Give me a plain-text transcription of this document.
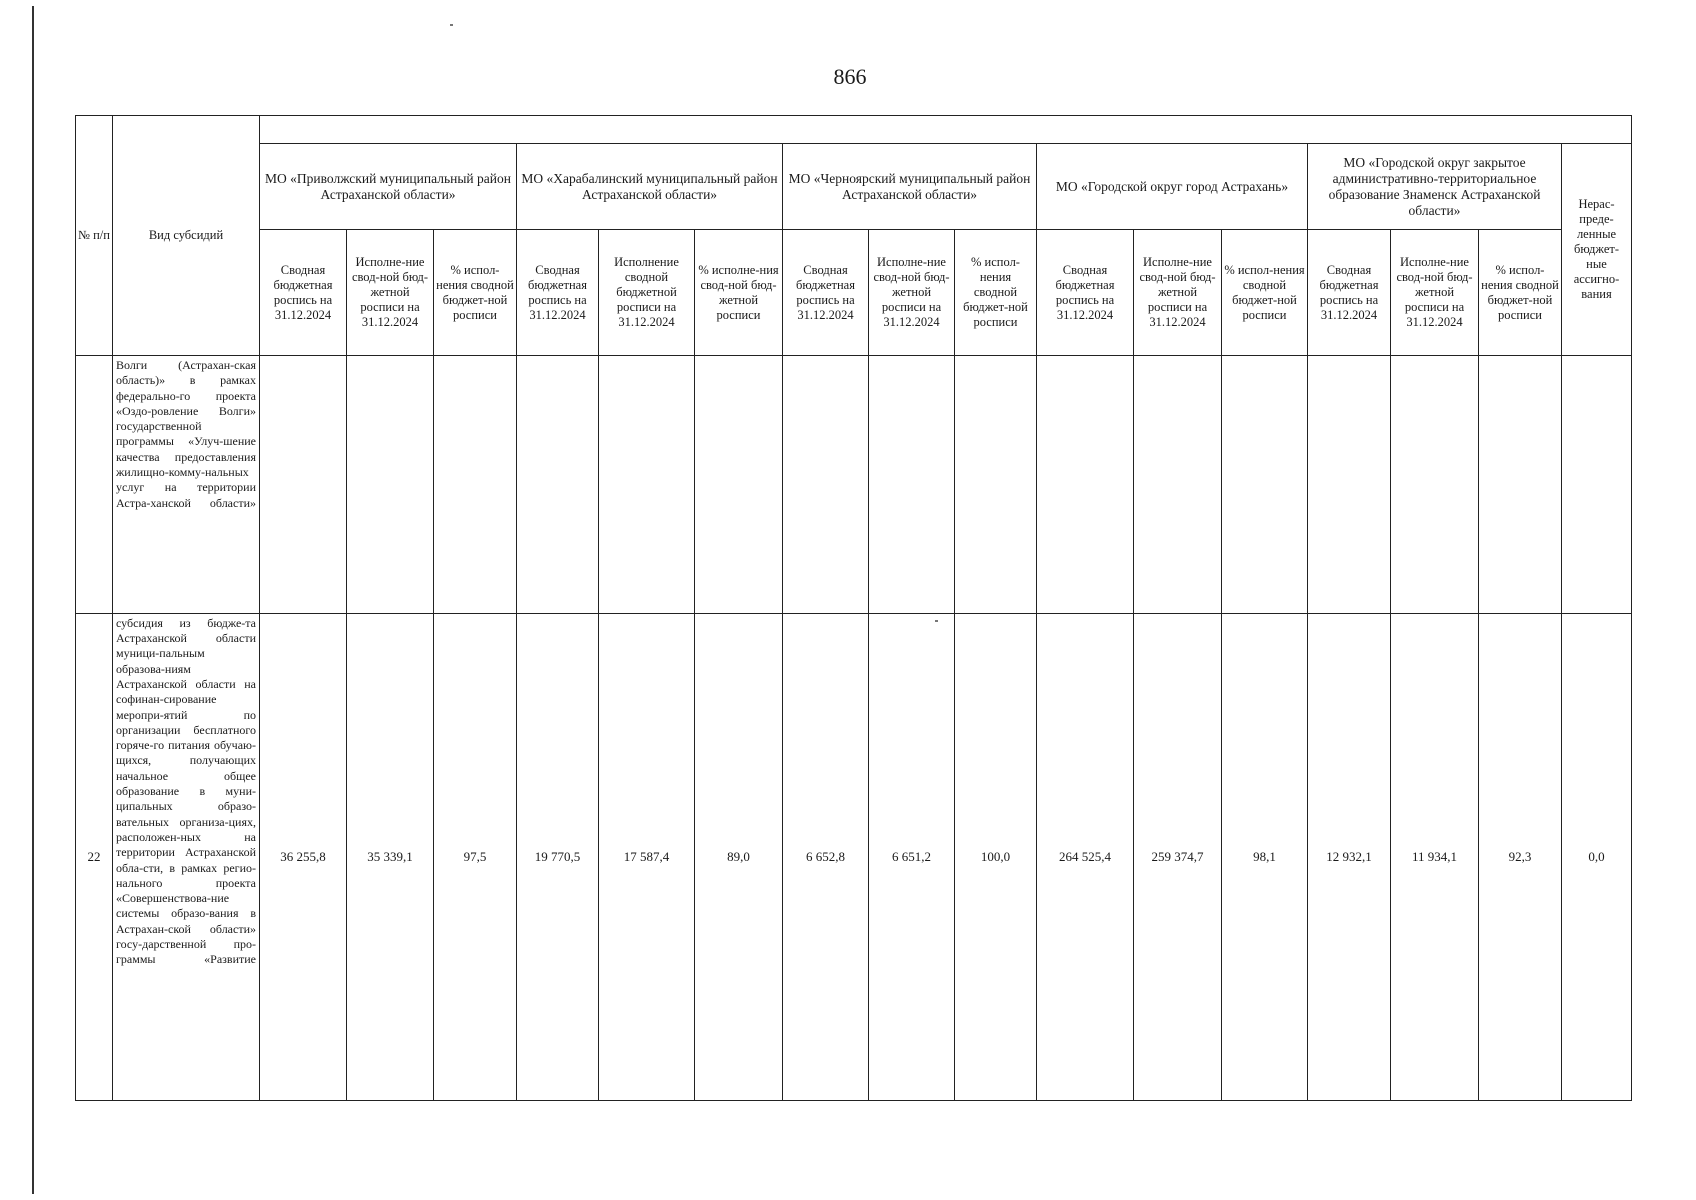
866
№ п/п	Вид субсидий																
		МО «Приволжский муниципальный район Астраханской области»			МО «Харабалинский муниципальный район Астраханской области»			МО «Черноярский муниципальный район Астраханской области»			МО «Городской округ город Астрахань»			МО «Городской округ закрытое административно-территориальное образование Знаменск Астраханской области»			Нерас-преде-ленные бюджет-ные ассигно-вания
		Сводная бюджетная роспись на 31.12.2024	Исполне-ние свод-ной бюд-жетной росписи на 31.12.2024	% испол-нения сводной бюджет-ной росписи	Сводная бюджетная роспись на 31.12.2024	Исполнение сводной бюджетной росписи на 31.12.2024	% исполне-ния свод-ной бюд-жетной росписи	Сводная бюджетная роспись на 31.12.2024	Исполне-ние свод-ной бюд-жетной росписи на 31.12.2024	% испол-нения сводной бюджет-ной росписи	Сводная бюджетная роспись на 31.12.2024	Исполне-ние свод-ной бюд-жетной росписи на 31.12.2024	% испол-нения сводной бюджет-ной росписи	Сводная бюджетная роспись на 31.12.2024	Исполне-ние свод-ной бюд-жетной росписи на 31.12.2024	% испол-нения сводной бюджет-ной росписи	
	Волги (Астрахан-ская область)» в рамках федерально-го проекта «Оздо-ровление Волги» государственной программы «Улуч-шение качества предоставления жилищно-комму-нальных услуг на территории Астра-ханской области»																
22	субсидия из бюдже-та Астраханской области муници-пальным образова-ниям Астраханской области на софинан-сирование меропри-ятий по организации бесплатного горяче-го питания обучаю-щихся, получающих начальное общее образование в муни-ципальных образо-вательных организа-циях, расположен-ных на территории Астраханской обла-сти, в рамках регио-нального проекта «Совершенствова-ние системы образо-вания в Астрахан-ской области» госу-дарственной про-граммы «Развитие	36 255,8	35 339,1	97,5	19 770,5	17 587,4	89,0	6 652,8	6 651,2	100,0	264 525,4	259 374,7	98,1	12 932,1	11 934,1	92,3	0,0
